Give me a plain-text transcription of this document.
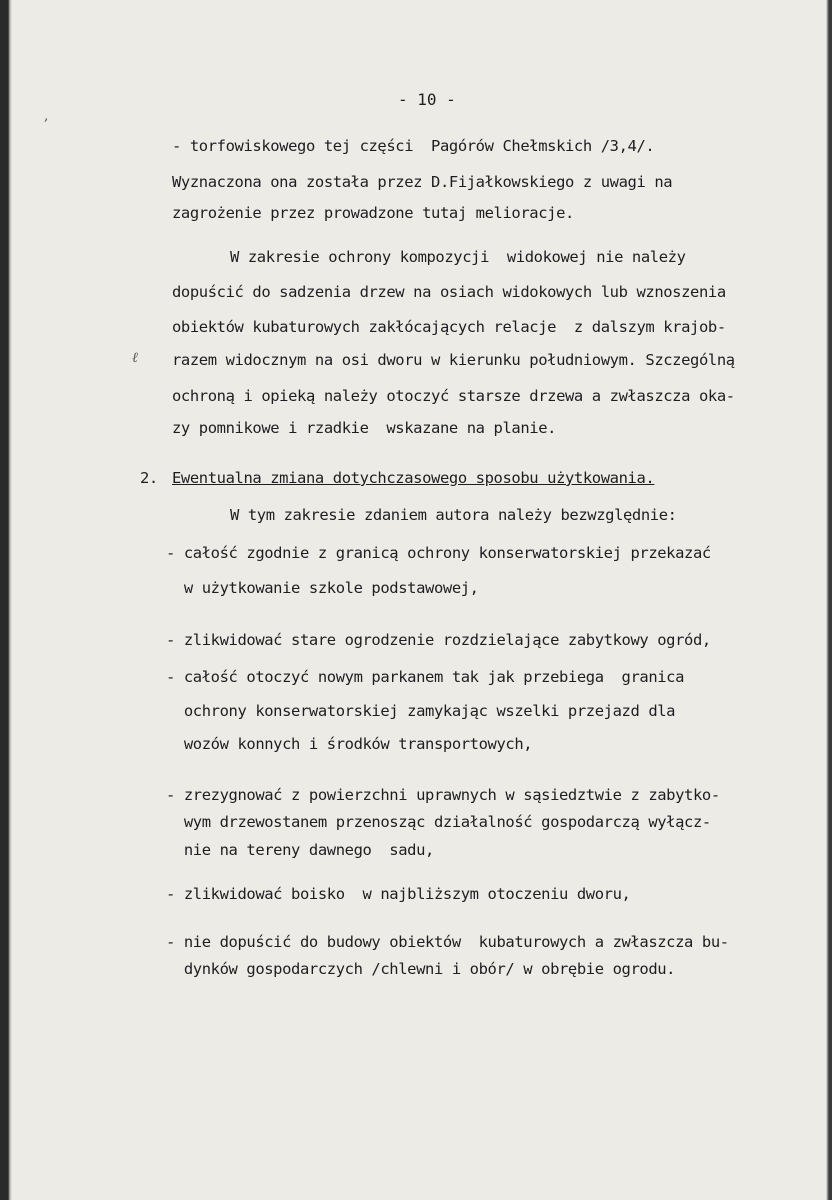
,
ℓ
- 10 -
- torfowiskowego tej części  Pagórów Chełmskich /3,4/.
Wyznaczona ona została przez D.Fijałkowskiego z uwagi na
zagrożenie przez prowadzone tutaj melioracje.
W zakresie ochrony kompozycji  widokowej nie należy
dopuścić do sadzenia drzew na osiach widokowych lub wznoszenia
obiektów kubaturowych zakłócających relacje  z dalszym krajob-
razem widocznym na osi dworu w kierunku południowym. Szczególną
ochroną i opieką należy otoczyć starsze drzewa a zwłaszcza oka-
zy pomnikowe i rzadkie  wskazane na planie.
2. Ewentualna zmiana dotychczasowego sposobu użytkowania.
W tym zakresie zdaniem autora należy bezwzględnie:
- całość zgodnie z granicą ochrony konserwatorskiej przekazać
w użytkowanie szkole podstawowej,
- zlikwidować stare ogrodzenie rozdzielające zabytkowy ogród,
- całość otoczyć nowym parkanem tak jak przebiega  granica
ochrony konserwatorskiej zamykając wszelki przejazd dla
wozów konnych i środków transportowych,
- zrezygnować z powierzchni uprawnych w sąsiedztwie z zabytko-
wym drzewostanem przenosząc działalność gospodarczą wyłącz-
nie na tereny dawnego  sadu,
- zlikwidować boisko  w najbliższym otoczeniu dworu,
- nie dopuścić do budowy obiektów  kubaturowych a zwłaszcza bu-
dynków gospodarczych /chlewni i obór/ w obrębie ogrodu.
